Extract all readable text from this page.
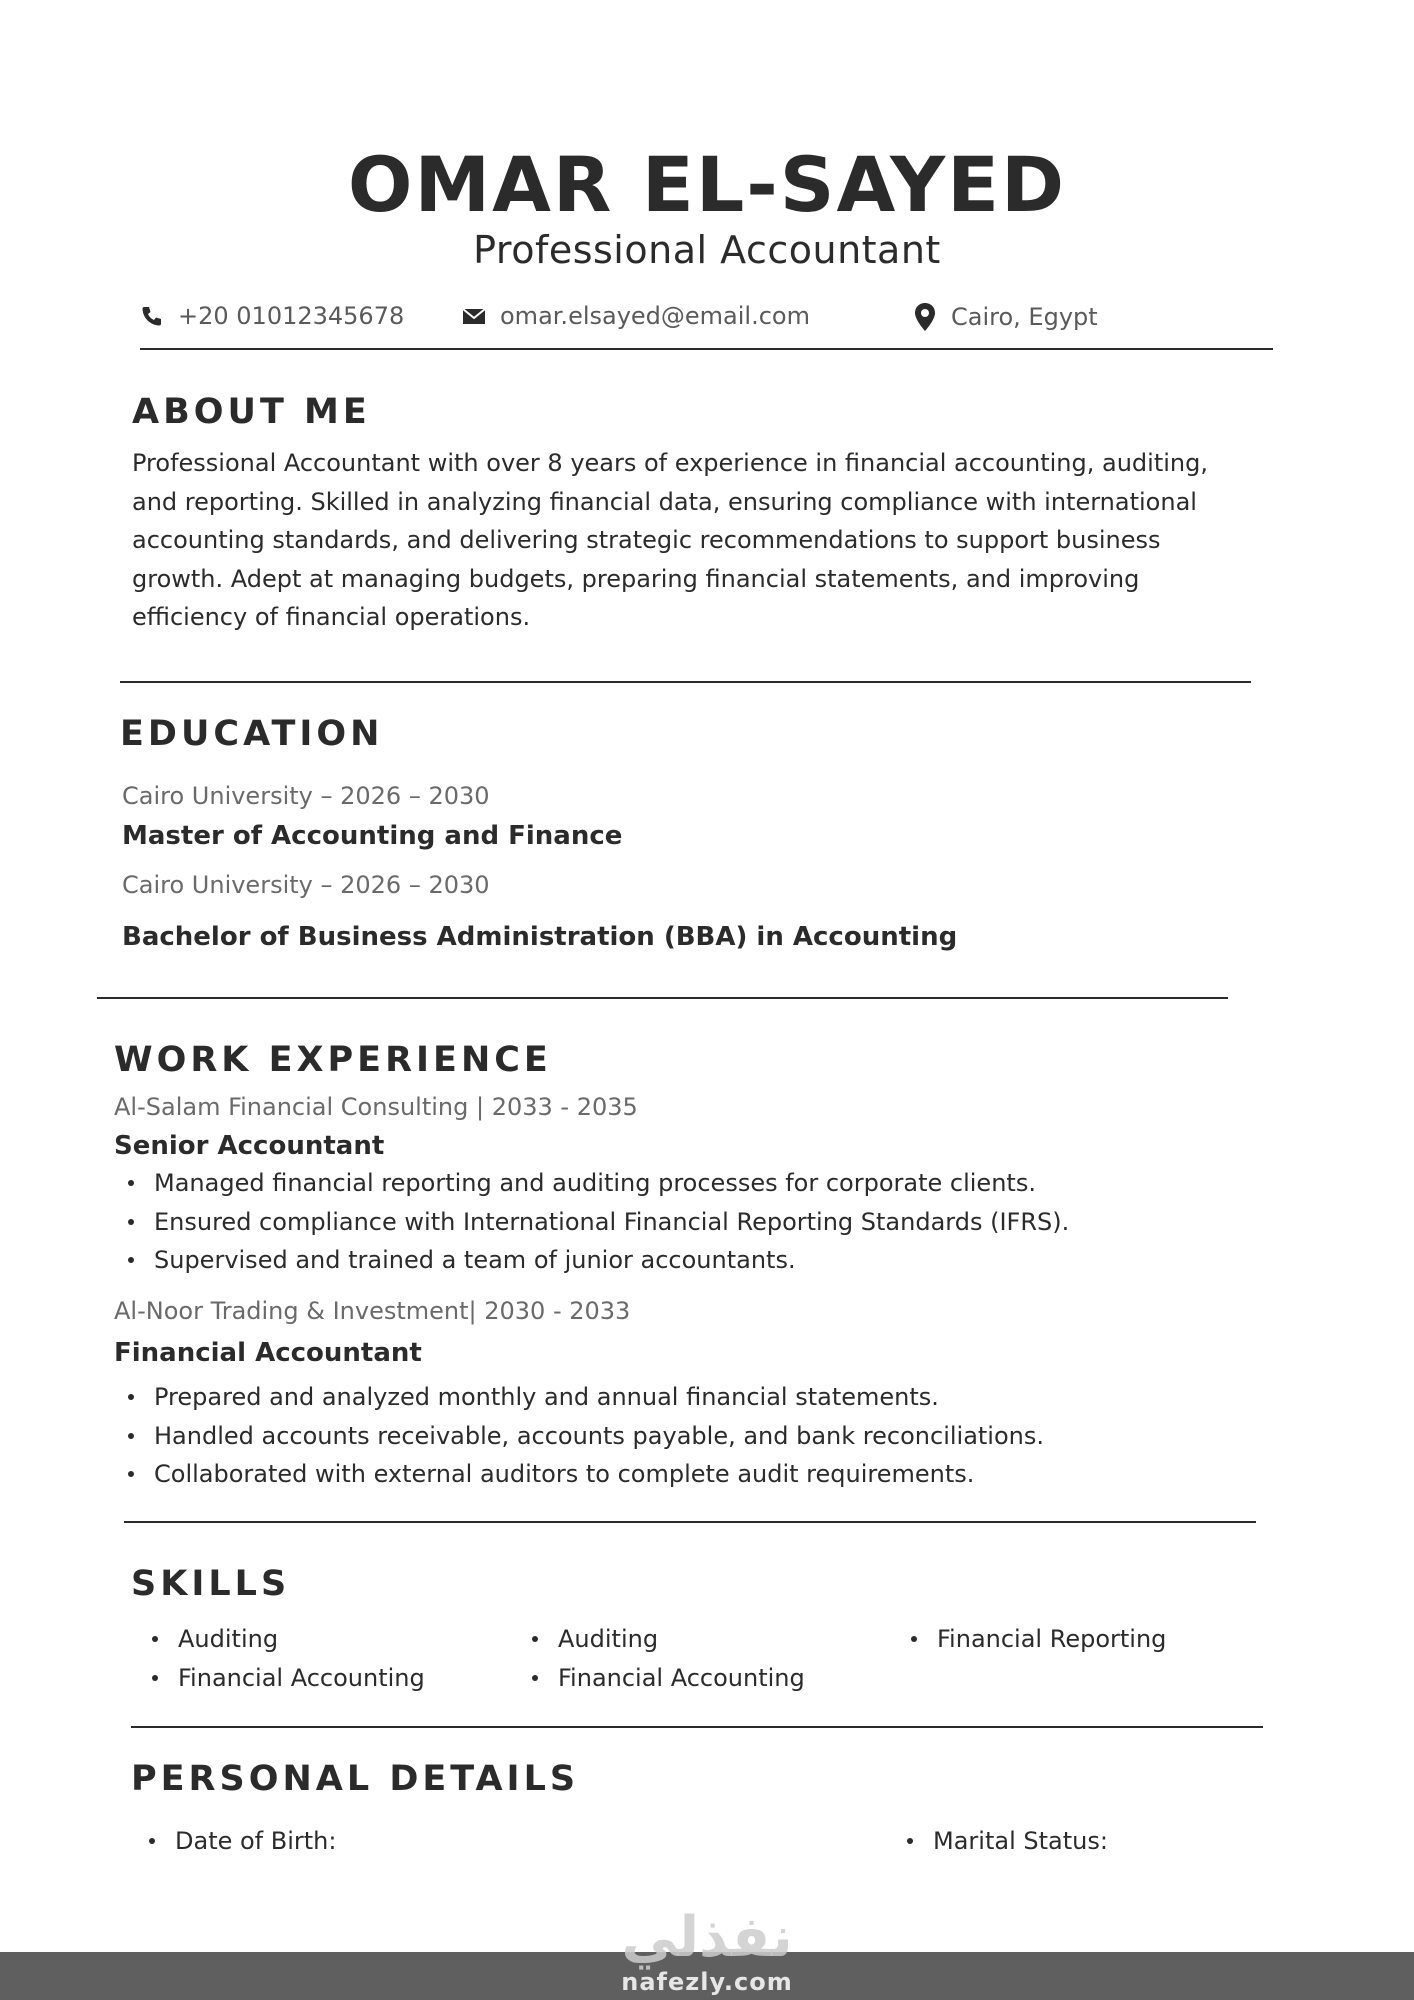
OMAR EL-SAYED
Professional Accountant
+20 01012345678	omar.elsayed@email.com	Cairo, Egypt
ABOUT ME
Professional Accountant with over 8 years of experience in financial accounting, auditing,
and reporting. Skilled in analyzing financial data, ensuring compliance with international
accounting standards, and delivering strategic recommendations to support business
growth. Adept at managing budgets, preparing financial statements, and improving
efficiency of financial operations.
EDUCATION
Cairo University – 2026 – 2030
Master of Accounting and Finance
Cairo University – 2026 – 2030
Bachelor of Business Administration (BBA) in Accounting
WORK EXPERIENCE
Al-Salam Financial Consulting | 2033 - 2035
Senior Accountant
Managed financial reporting and auditing processes for corporate clients.
Ensured compliance with International Financial Reporting Standards (IFRS).
Supervised and trained a team of junior accountants.
Al-Noor Trading & Investment| 2030 - 2033
Financial Accountant
Prepared and analyzed monthly and annual financial statements.
Handled accounts receivable, accounts payable, and bank reconciliations.
Collaborated with external auditors to complete audit requirements.
SKILLS
Auditing
Financial Accounting
Auditing
Financial Accounting
Financial Reporting
PERSONAL DETAILS
Date of Birth:	Marital Status:
نفذلي
nafezly.com
